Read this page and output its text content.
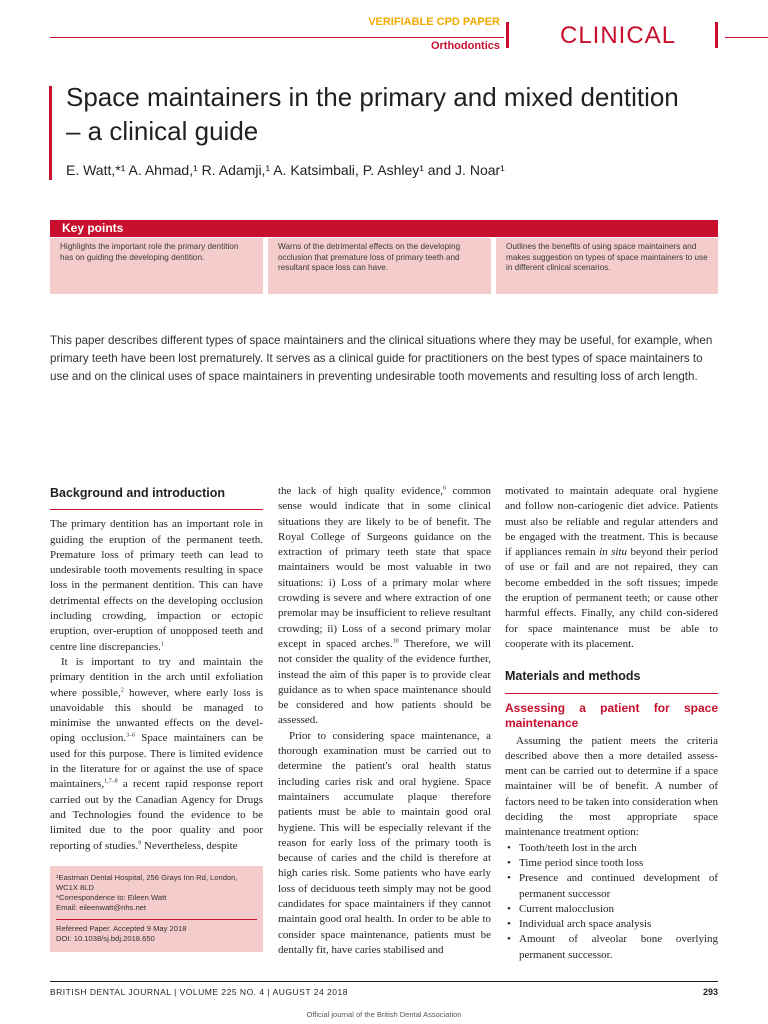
VERIFIABLE CPD PAPER
Orthodontics	CLINICAL
Space maintainers in the primary and mixed dentition
– a clinical guide
E. Watt,*¹ A. Ahmad,¹ R. Adamji,¹ A. Katsimbali, P. Ashley¹ and J. Noar¹
Key points
Highlights the important role the primary dentition has on guiding the developing dentition.
Warns of the detrimental effects on the developing occlusion that premature loss of primary teeth and resultant space loss can have.
Outlines the benefits of using space maintainers and makes suggestion on types of space maintainers to use in different clinical scenarios.
This paper describes different types of space maintainers and the clinical situations where they may be useful, for example, when primary teeth have been lost prematurely. It serves as a clinical guide for practitioners on the best types of space maintainers to use and on the clinical uses of space maintainers in preventing undesirable tooth movements and resulting loss of arch length.
Background and introduction

The primary dentition has an important role in guiding the eruption of the permanent teeth. Premature loss of primary teeth can lead to undesirable tooth movements resulting in space loss in the permanent dentition. This can have detrimental effects on the developing occlusion including crowding, impaction or ectopic eruption, over-eruption of unopposed teeth and centre line discrepancies.$^1$

It is important to try and maintain the primary dentition in the arch until exfoliation where possible,$^2$ however, where early loss is unavoidable this should be managed to minimise the unwanted effects on the devel-oping occlusion.$^{3-6}$ Space maintainers can be used for this purpose. There is limited evidence in the literature for or against the use of space maintainers,$^{1,7-8}$ a recent rapid response report carried out by the Canadian Agency for Drugs and Technologies found the evidence to be limited due to the poor quality and poor reporting of studies.$^9$ Nevertheless, despite

¹Eastman Dental Hospital, 256 Grays Inn Rd, London, WC1X 8LD
*Correspondence to: Eileen Watt
Email: eileenwatt@nhs.net
Refereed Paper. Accepted 9 May 2018
DOI: 10.1038/sj.bdj.2018.650

the lack of high quality evidence,$^6$ common sense would indicate that in some clinical situations they are likely to be of benefit. The Royal College of Surgeons guidance on the extraction of primary teeth state that space maintainers would be most valuable in two situations: i) Loss of a primary molar where crowding is severe and where extraction of one premolar may be insufficient to relieve resultant crowding; ii) Loss of a second primary molar except in spaced arches.$^{10}$ Therefore, we will not consider the quality of the evidence further, instead the aim of this paper is to provide clear guidance as to when space maintenance should be considered and how patients should be assessed.

Prior to considering space maintenance, a thorough examination must be carried out to determine the patient's oral health status including caries risk and oral hygiene. Space maintainers accumulate plaque therefore patients must be able to maintain good oral hygiene. This will be especially relevant if the reason for early loss of the primary tooth is because of caries and the child is therefore at high caries risk. Some patients who have early loss of deciduous teeth simply may not be good candidates for space maintainers if they cannot maintain good oral health. In order to be able to consider space maintenance, patients must be dentally fit, have caries stabilised and

motivated to maintain adequate oral hygiene and follow non-cariogenic diet advice. Patients must also be reliable and regular attenders and be engaged with the treatment. This is because if appliances remain in situ beyond their period of use or fail and are not repaired, they can become embedded in the soft tissues; impede the eruption of permanent teeth; or cause other harmful effects. Finally, any child con-sidered for space maintenance must be able to cooperate with its placement.

Materials and methods
Assessing a patient for space maintenance

Assuming the patient meets the criteria described above then a more detailed assess-ment can be carried out to determine if a space maintainer will be of benefit. A number of factors need to be taken into consideration when deciding the most appropriate space maintenance treatment option:

• Tooth/teeth lost in the arch
• Time period since tooth loss
• Presence and continued development of permanent successor
• Current malocclusion
• Individual arch space analysis
• Amount of alveolar bone overlying permanent successor.
BRITISH DENTAL JOURNAL | VOLUME 225 NO. 4 | AUGUST 24 2018	293
Official journal of the British Dental Association
